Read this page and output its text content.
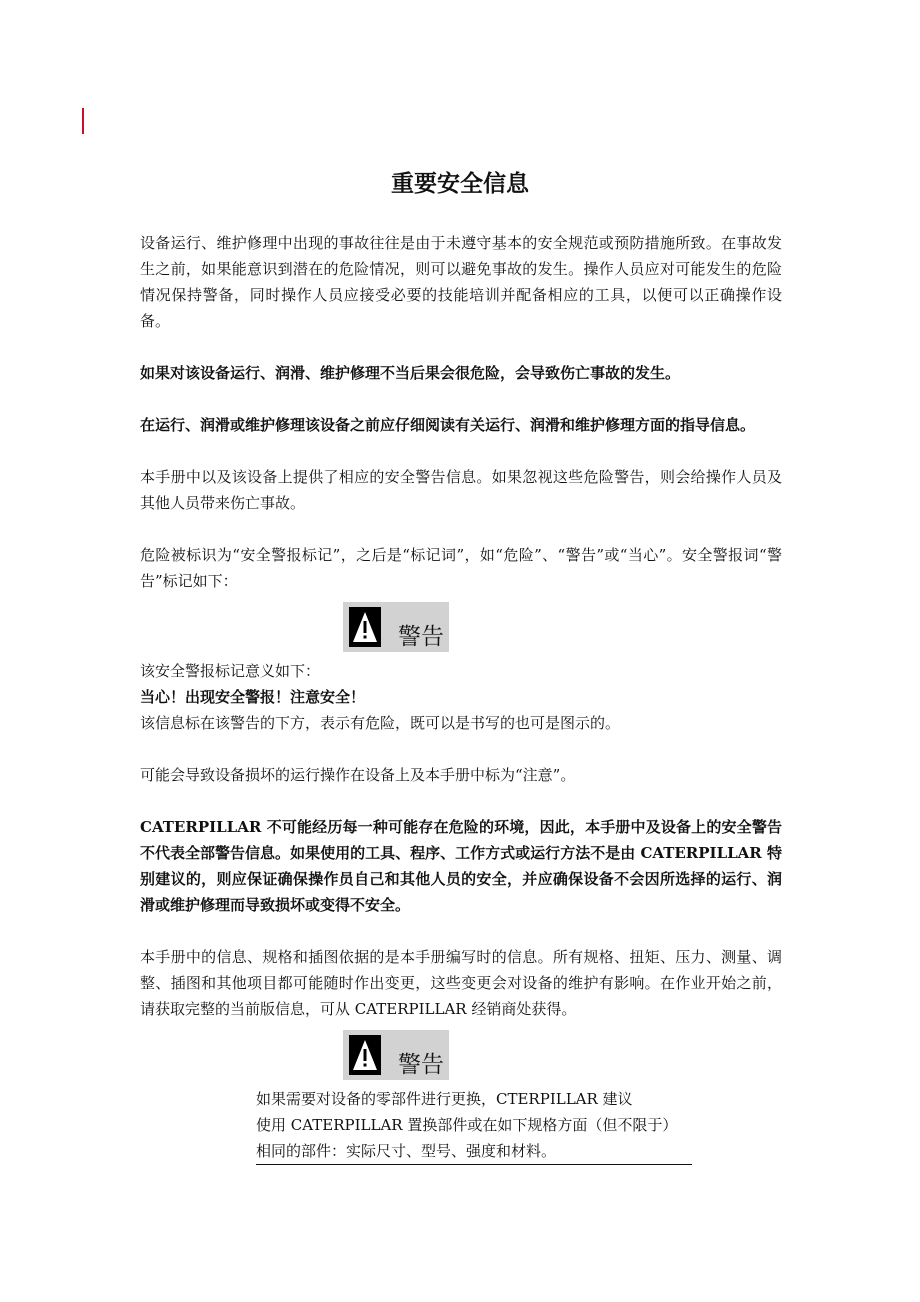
重要安全信息

设备运行、维护修理中出现的事故往往是由于未遵守基本的安全规范或预防措施所致。在事故发生之前，如果能意识到潜在的危险情况，则可以避免事故的发生。操作人员应对可能发生的危险情况保持警备，同时操作人员应接受必要的技能培训并配备相应的工具，以便可以正确操作设备。

如果对该设备运行、润滑、维护修理不当后果会很危险，会导致伤亡事故的发生。

在运行、润滑或维护修理该设备之前应仔细阅读有关运行、润滑和维护修理方面的指导信息。

本手册中以及该设备上提供了相应的安全警告信息。如果忽视这些危险警告，则会给操作人员及其他人员带来伤亡事故。

危险被标识为“安全警报标记”，之后是“标记词”，如“危险”、“警告”或“当心”。安全警报词“警告”标记如下：

警告

该安全警报标记意义如下：

当心！出现安全警报！注意安全！

该信息标在该警告的下方，表示有危险，既可以是书写的也可是图示的。

可能会导致设备损坏的运行操作在设备上及本手册中标为“注意”。

CATERPILLAR 不可能经历每一种可能存在危险的环境，因此，本手册中及设备上的安全警告不代表全部警告信息。如果使用的工具、程序、工作方式或运行方法不是由 CATERPILLAR 特别建议的，则应保证确保操作员自己和其他人员的安全，并应确保设备不会因所选择的运行、润滑或维护修理而导致损坏或变得不安全。

本手册中的信息、规格和插图依据的是本手册编写时的信息。所有规格、扭矩、压力、测量、调整、插图和其他项目都可能随时作出变更，这些变更会对设备的维护有影响。在作业开始之前，请获取完整的当前版信息，可从 CATERPILLAR 经销商处获得。

警告

如果需要对设备的零部件进行更换，CTERPILLAR 建议

使用 CATERPILLAR 置换部件或在如下规格方面（但不限于）

相同的部件：实际尺寸、型号、强度和材料。
